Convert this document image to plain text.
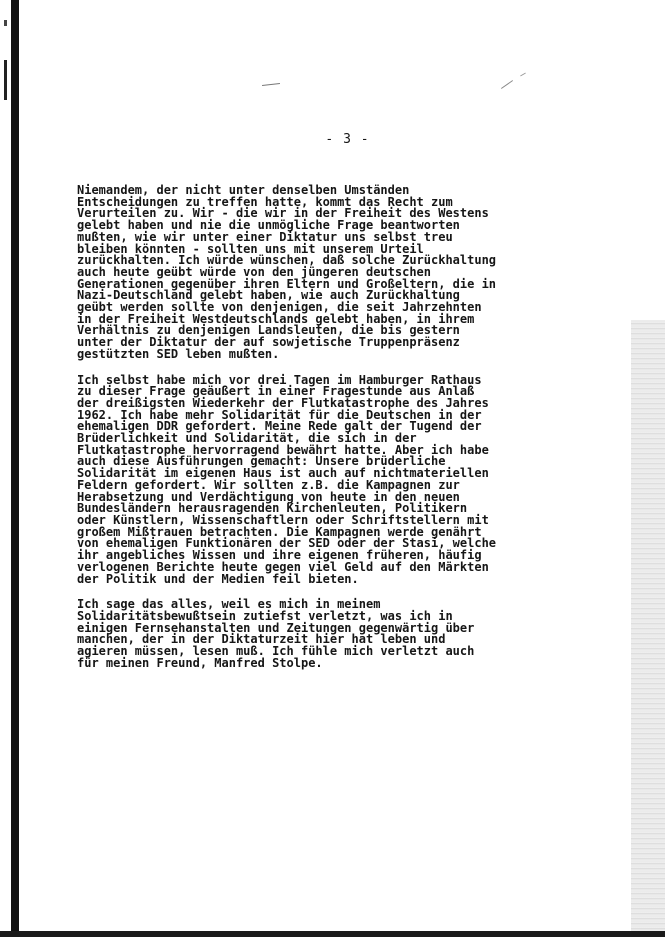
- 3 -
Niemandem, der nicht unter denselben Umständen
Entscheidungen zu treffen hatte, kommt das Recht zum
Verurteilen zu. Wir - die wir in der Freiheit des Westens
gelebt haben und nie die unmögliche Frage beantworten
mußten, wie wir unter einer Diktatur uns selbst treu
bleiben könnten - sollten uns mit unserem Urteil
zurückhalten. Ich würde wünschen, daß solche Zurückhaltung
auch heute geübt würde von den jüngeren deutschen
Generationen gegenüber ihren Eltern und Großeltern, die in
Nazi-Deutschland gelebt haben, wie auch Zurückhaltung
geübt werden sollte von denjenigen, die seit Jahrzehnten
in der Freiheit Westdeutschlands gelebt haben, in ihrem
Verhältnis zu denjenigen Landsleuten, die bis gestern
unter der Diktatur der auf sowjetische Truppenpräsenz
gestützten SED leben mußten.
Ich selbst habe mich vor drei Tagen im Hamburger Rathaus
zu dieser Frage geäußert in einer Fragestunde aus Anlaß
der dreißigsten Wiederkehr der Flutkatastrophe des Jahres
1962. Ich habe mehr Solidarität für die Deutschen in der
ehemaligen DDR gefordert. Meine Rede galt der Tugend der
Brüderlichkeit und Solidarität, die sich in der
Flutkatastrophe hervorragend bewährt hatte. Aber ich habe
auch diese Ausführungen gemacht: Unsere brüderliche
Solidarität im eigenen Haus ist auch auf nichtmateriellen
Feldern gefordert. Wir sollten z.B. die Kampagnen zur
Herabsetzung und Verdächtigung von heute in den neuen
Bundesländern herausragenden Kirchenleuten, Politikern
oder Künstlern, Wissenschaftlern oder Schriftstellern mit
großem Mißtrauen betrachten. Die Kampagnen werde genährt
von ehemaligen Funktionären der SED oder der Stasi, welche
ihr angebliches Wissen und ihre eigenen früheren, häufig
verlogenen Berichte heute gegen viel Geld auf den Märkten
der Politik und der Medien feil bieten.
Ich sage das alles, weil es mich in meinem
Solidaritätsbewußtsein zutiefst verletzt, was ich in
einigen Fernsehanstalten und Zeitungen gegenwärtig über
manchen, der in der Diktaturzeit hier hat leben und
agieren müssen, lesen muß. Ich fühle mich verletzt auch
für meinen Freund, Manfred Stolpe.
